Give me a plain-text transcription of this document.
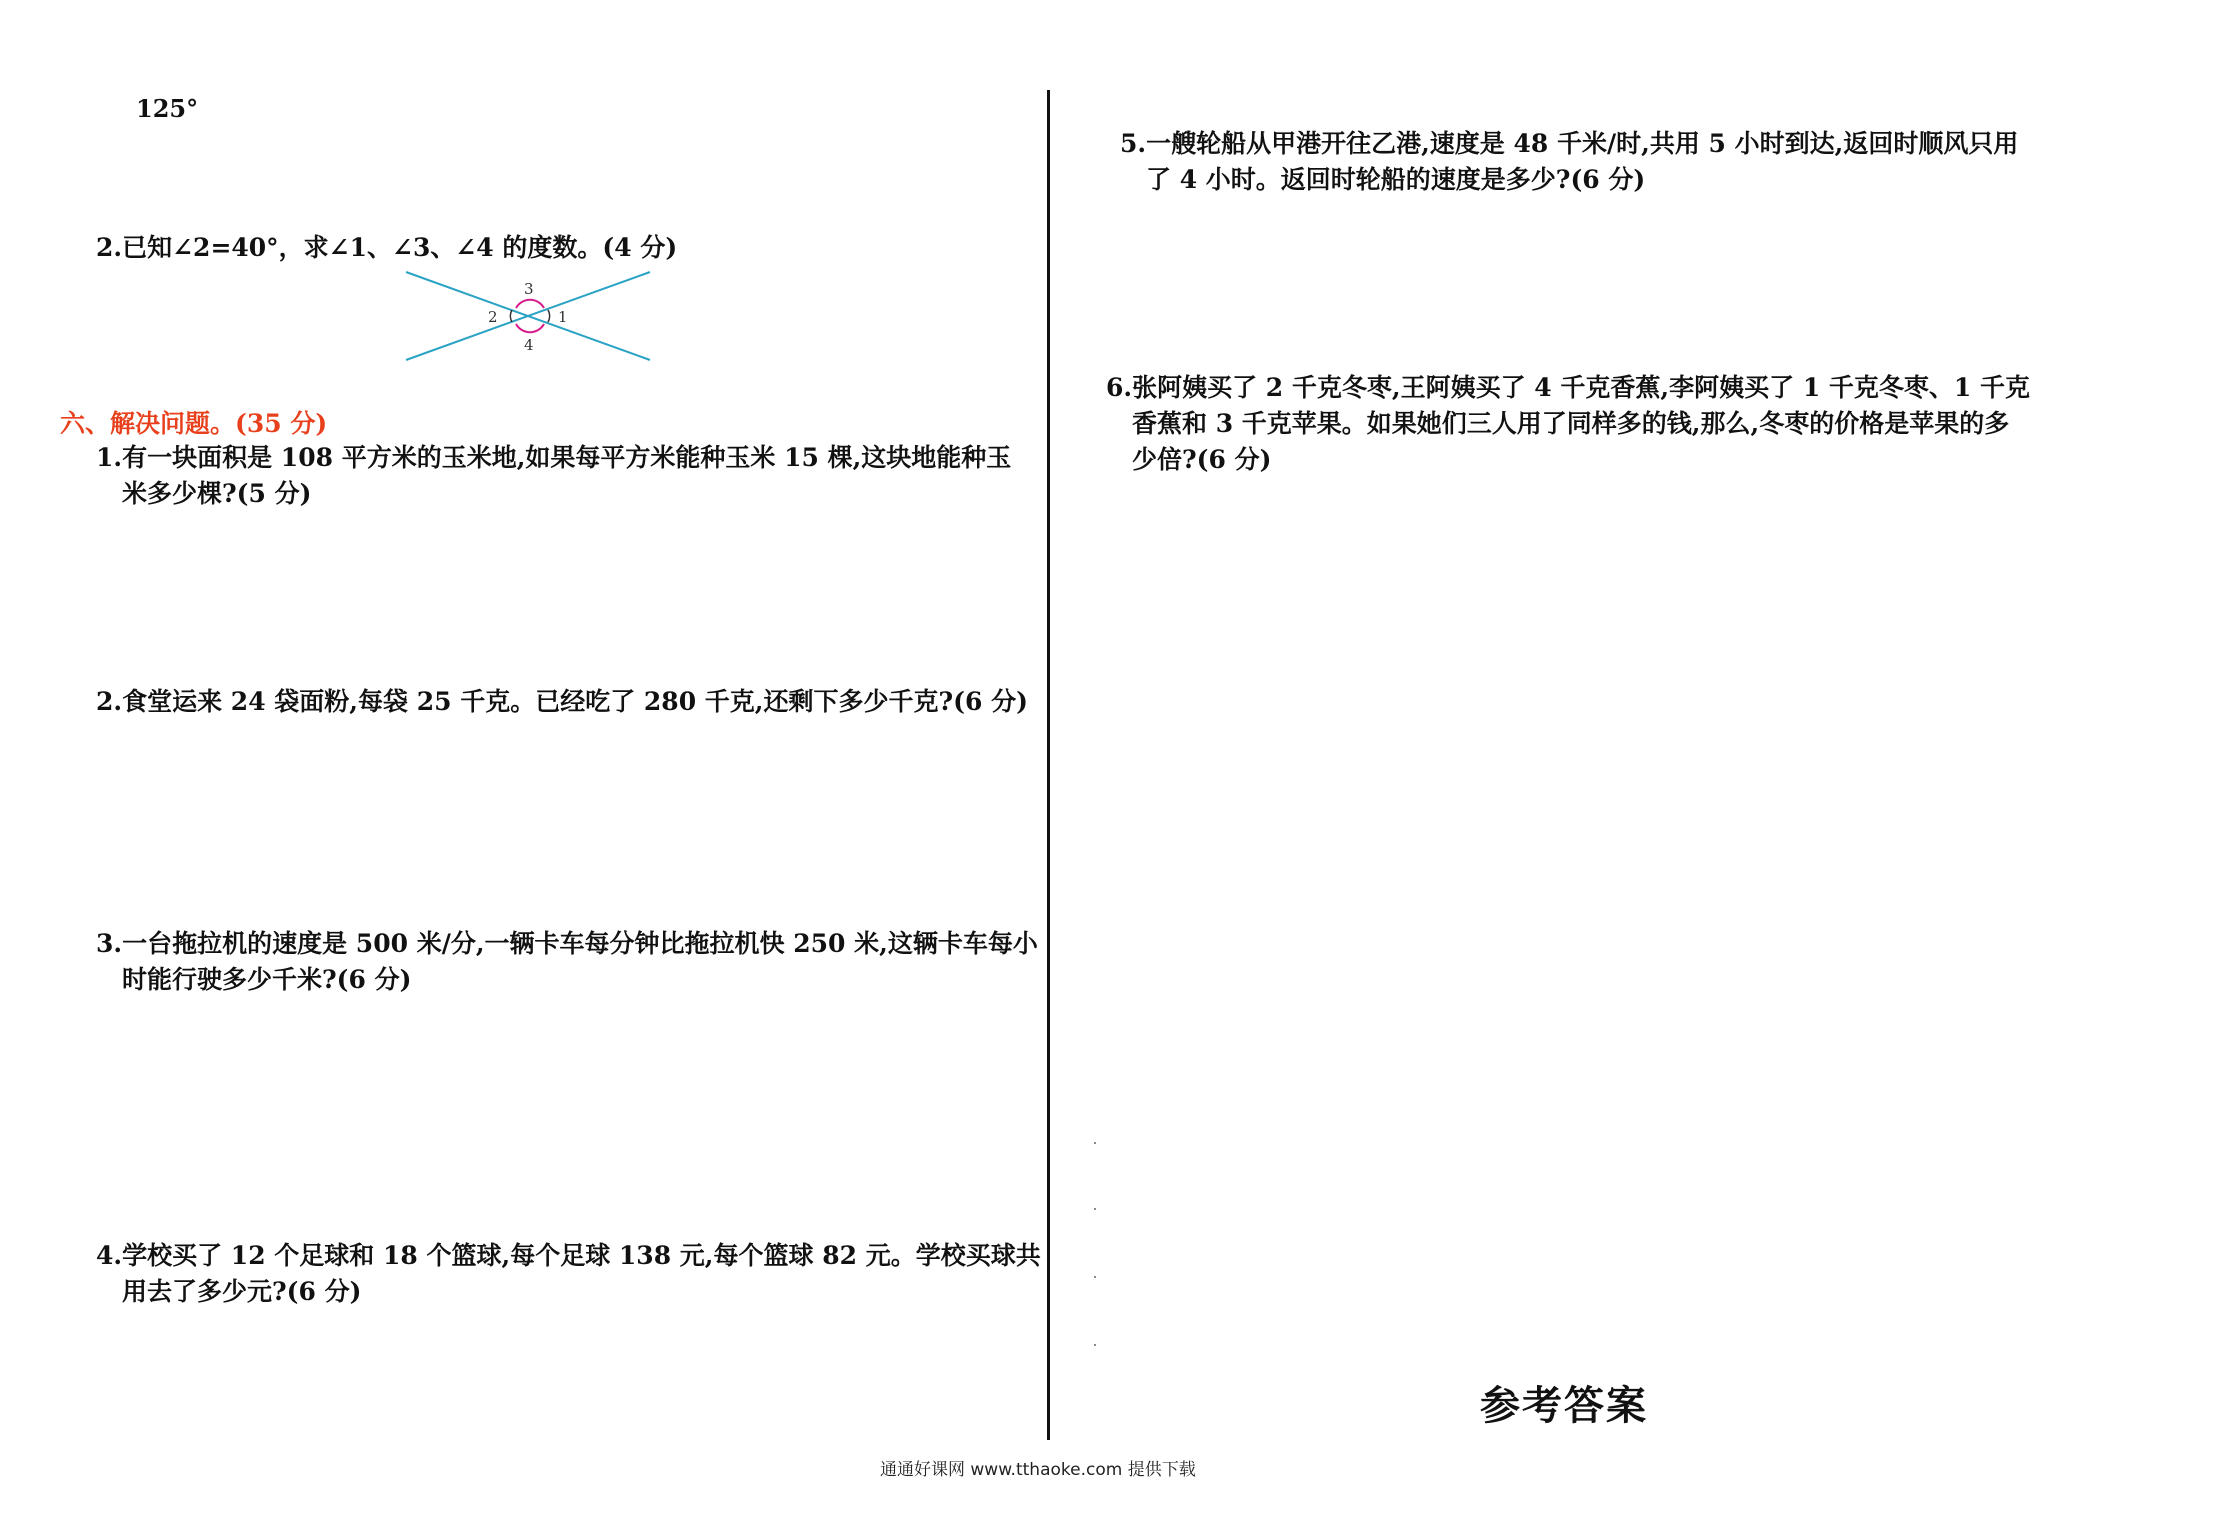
125°
2.已知∠2=40°，求∠1、∠3、∠4 的度数。(4 分)
3
2	1
4
六、解决问题。(35 分)
1.有一块面积是 108 平方米的玉米地,如果每平方米能种玉米 15 棵,这块地能种玉
米多少棵?(5 分)
2.食堂运来 24 袋面粉,每袋 25 千克。已经吃了 280 千克,还剩下多少千克?(6 分)
3.一台拖拉机的速度是 500 米/分,一辆卡车每分钟比拖拉机快 250 米,这辆卡车每小
时能行驶多少千米?(6 分)
4.学校买了 12 个足球和 18 个篮球,每个足球 138 元,每个篮球 82 元。学校买球共
用去了多少元?(6 分)
5.一艘轮船从甲港开往乙港,速度是 48 千米/时,共用 5 小时到达,返回时顺风只用
了 4 小时。返回时轮船的速度是多少?(6 分)
6.张阿姨买了 2 千克冬枣,王阿姨买了 4 千克香蕉,李阿姨买了 1 千克冬枣、1 千克
香蕉和 3 千克苹果。如果她们三人用了同样多的钱,那么,冬枣的价格是苹果的多
少倍?(6 分)
参考答案
通通好课网 www.tthaoke.com 提供下载
